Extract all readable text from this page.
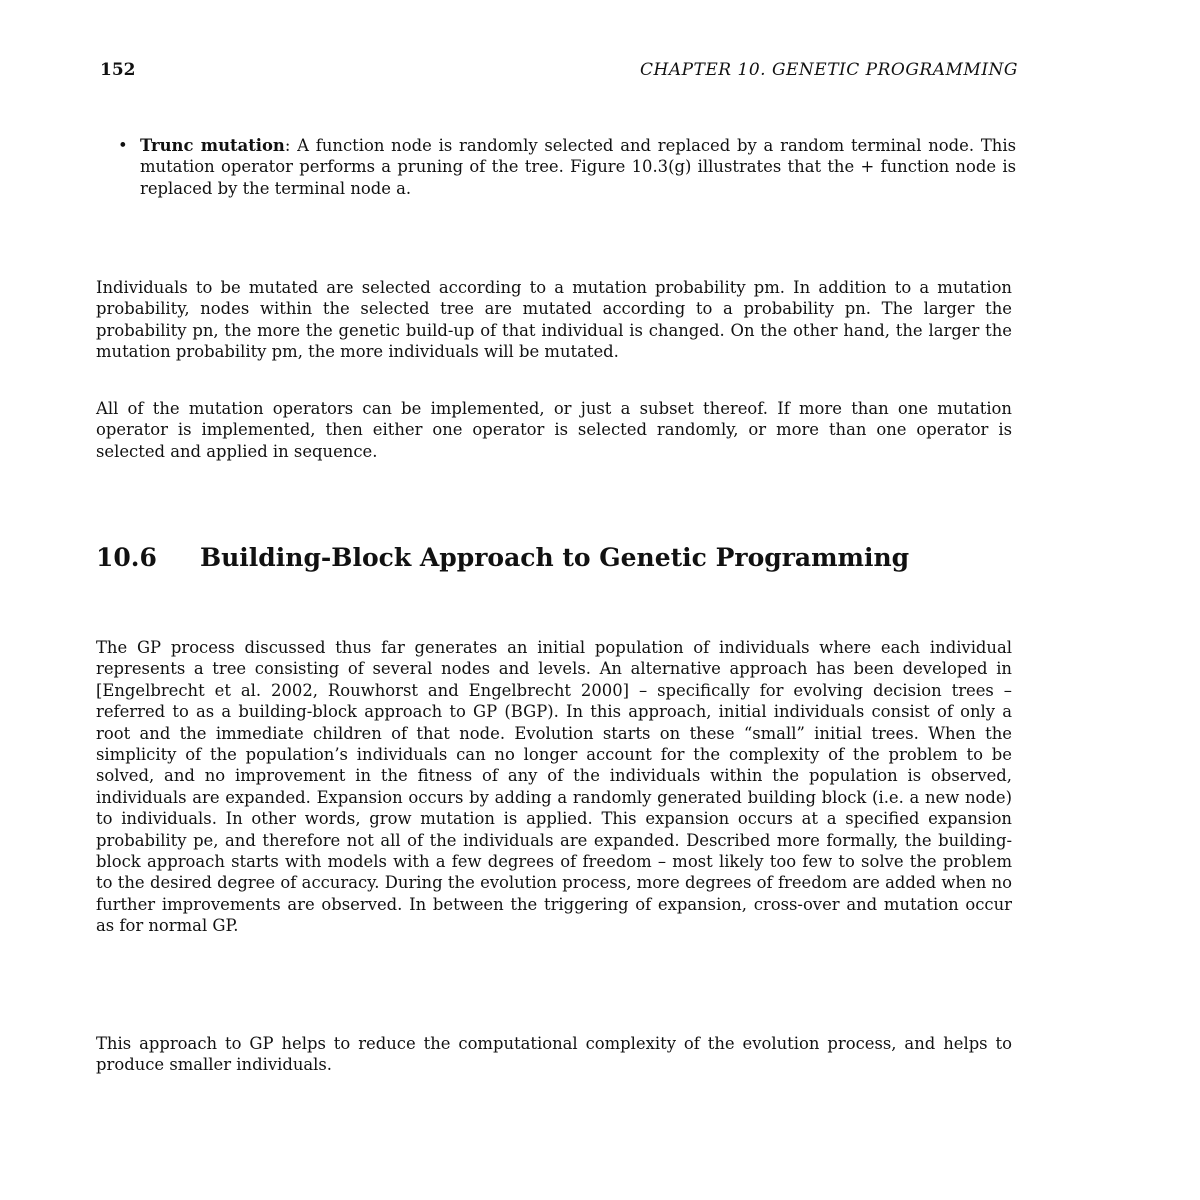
152	CHAPTER 10. GENETIC PROGRAMMING
• Trunc mutation: A function node is randomly selected and replaced by a random terminal node. This mutation operator performs a pruning of the tree. Figure 10.3(g) illustrates that the + function node is replaced by the terminal node a.

Individuals to be mutated are selected according to a mutation probability pm. In addition to a mutation probability, nodes within the selected tree are mutated according to a probability pn. The larger the probability pn, the more the genetic build-up of that individual is changed. On the other hand, the larger the mutation probability pm, the more individuals will be mutated.

All of the mutation operators can be implemented, or just a subset thereof. If more than one mutation operator is implemented, then either one operator is selected randomly, or more than one operator is selected and applied in sequence.

10.6 Building-Block Approach to Genetic Programming

The GP process discussed thus far generates an initial population of individuals where each individual represents a tree consisting of several nodes and levels. An alternative approach has been developed in [Engelbrecht et al. 2002, Rouwhorst and Engelbrecht 2000] – specifically for evolving decision trees – referred to as a building-block approach to GP (BGP). In this approach, initial individuals consist of only a root and the immediate children of that node. Evolution starts on these “small” initial trees. When the simplicity of the population’s individuals can no longer account for the complexity of the problem to be solved, and no improvement in the fitness of any of the individuals within the population is observed, individuals are expanded. Expansion occurs by adding a randomly generated building block (i.e. a new node) to individuals. In other words, grow mutation is applied. This expansion occurs at a specified expansion probability pe, and therefore not all of the individuals are expanded. Described more formally, the building-block approach starts with models with a few degrees of freedom – most likely too few to solve the problem to the desired degree of accuracy. During the evolution process, more degrees of freedom are added when no further improvements are observed. In between the triggering of expansion, cross-over and mutation occur as for normal GP.

This approach to GP helps to reduce the computational complexity of the evolution process, and helps to produce smaller individuals.
